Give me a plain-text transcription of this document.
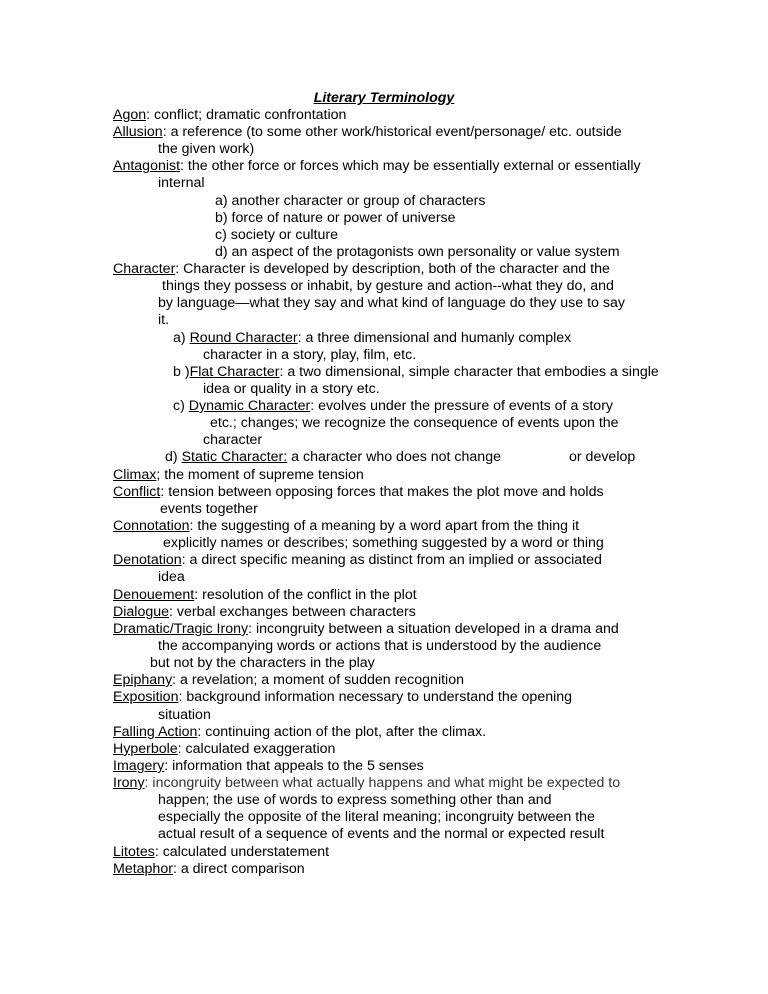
Literary Terminology

Agon: conflict; dramatic confrontation

Allusion: a reference (to some other work/historical event/personage/ etc. outside

the given work)

Antagonist: the other force or forces which may be essentially external or essentially

internal

a) another character or group of characters

b) force of nature or power of universe

c) society or culture

d) an aspect of the protagonists own personality or value system

Character: Character is developed by description, both of the character and the

things they possess or inhabit, by gesture and action--what they do, and

by language—what they say and what kind of language do they use to say

it.

a) Round Character: a three dimensional and humanly complex

character in a story, play, film, etc.

b )Flat Character: a two dimensional, simple character that embodies a single

idea or quality in a story etc.

c) Dynamic Character: evolves under the pressure of events of a story

etc.; changes; we recognize the consequence of events upon the

character

d) Static Character: a character who does not change	or develop

Climax; the moment of supreme tension

Conflict: tension between opposing forces that makes the plot move and holds

events together

Connotation: the suggesting of a meaning by a word apart from the thing it

explicitly names or describes; something suggested by a word or thing

Denotation: a direct specific meaning as distinct from an implied or associated

idea

Denouement: resolution of the conflict in the plot

Dialogue: verbal exchanges between characters

Dramatic/Tragic Irony: incongruity between a situation developed in a drama and

the accompanying words or actions that is understood by the audience

but not by the characters in the play

Epiphany: a revelation; a moment of sudden recognition

Exposition: background information necessary to understand the opening

situation

Falling Action: continuing action of the plot, after the climax.

Hyperbole: calculated exaggeration

Imagery: information that appeals to the 5 senses

Irony: incongruity between what actually happens and what might be expected to

happen; the use of words to express something other than and

especially the opposite of the literal meaning; incongruity between the

actual result of a sequence of events and the normal or expected result

Litotes: calculated understatement

Metaphor: a direct comparison
